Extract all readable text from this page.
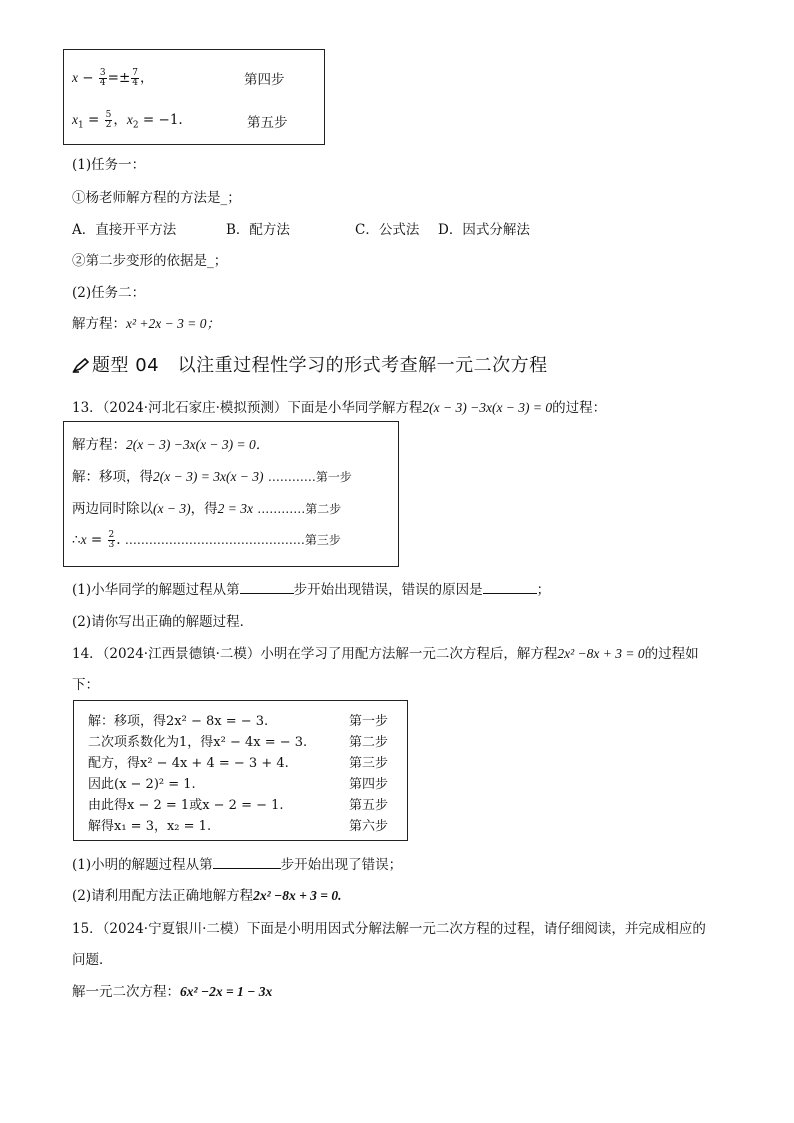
$x - \frac{3}{4} =\pm \frac{7}{4}$ ，	第四步
$x_1 = \frac{5}{2}$ ，$x_2 = -1$.	第五步
(1)任务一：
①杨老师解方程的方法是_；
A．直接开平方法	B．配方法	C．公式法 D．因式分解法
②第二步变形的依据是_；
(2)任务二：
解方程：x² +2x − 3 = 0；
题型 04　以注重过程性学习的形式考查解一元二次方程
13．（2024·河北石家庄·模拟预测）下面是小华同学解方程2(x − 3) −3x(x − 3) = 0的过程：
解方程：2(x − 3) −3x(x − 3) = 0．
解：移项，得2(x − 3) = 3x(x − 3) …………第一步
两边同时除以(x − 3)，得2 = 3x …………第二步
∴x = $\frac{2}{3}$ . ………………………………………第三步
(1)小华同学的解题过程从第	步开始出现错误，错误的原因是	；
(2)请你写出正确的解题过程．
14．（2024·江西景德镇·二模）小明在学习了用配方法解一元二次方程后，解方程2x² −8x + 3 = 0的过程如
下：
解：移项，得2x² − 8x = − 3.	第一步
二次项系数化为1，得x² − 4x = − 3.	第二步
配方，得x² − 4x + 4 = − 3 + 4.	第三步
因此(x − 2)² = 1.	第四步
由此得x − 2 = 1或x − 2 = − 1.	第五步
解得x₁ = 3，x₂ = 1.	第六步
(1)小明的解题过程从第	步开始出现了错误；
(2)请利用配方法正确地解方程2x² −8x + 3 = 0.
15．（2024·宁夏银川·二模）下面是小明用因式分解法解一元二次方程的过程，请仔细阅读，并完成相应的
问题．
解一元二次方程：6x² −2x = 1 − 3x
